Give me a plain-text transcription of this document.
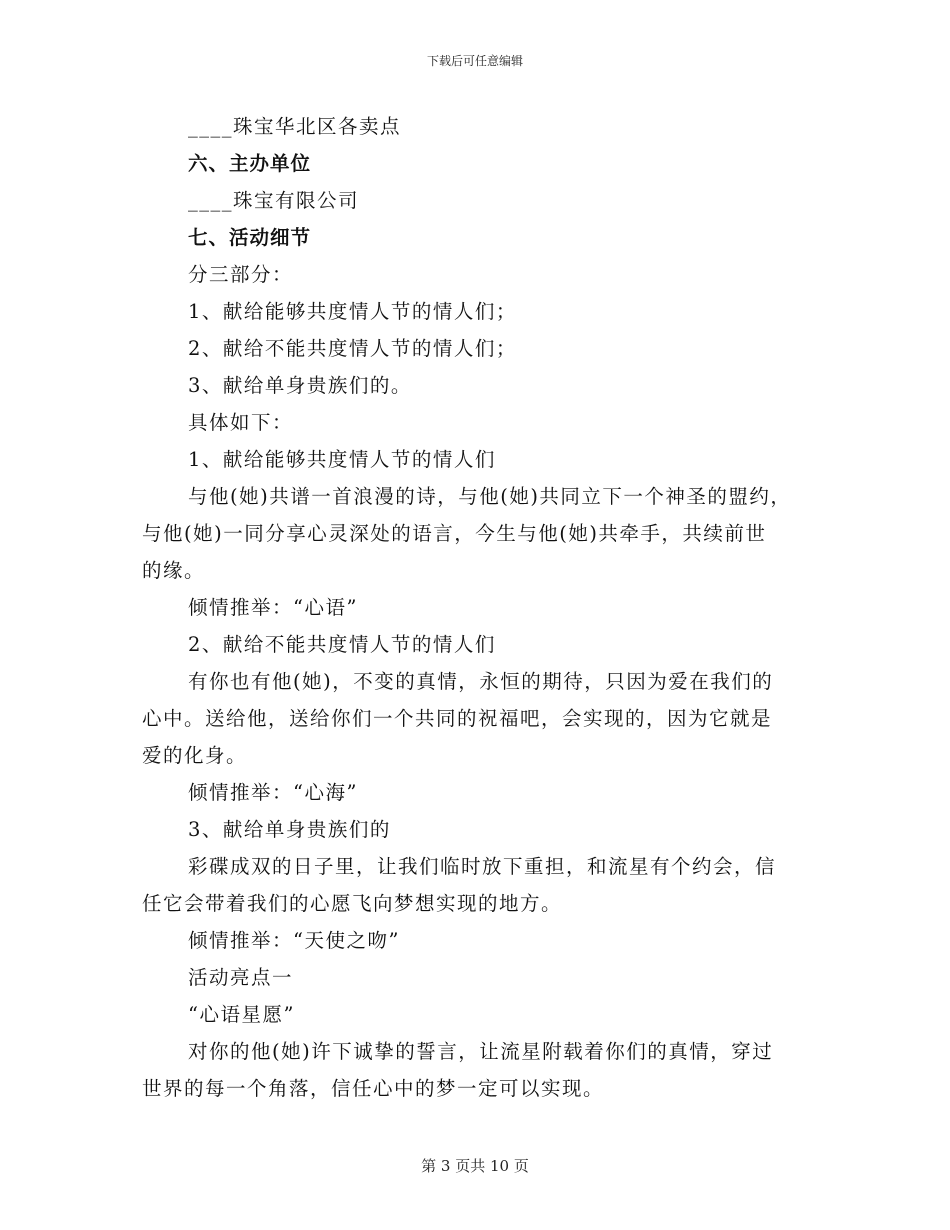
下载后可任意编辑
____珠宝华北区各卖点
六、主办单位
____珠宝有限公司
七、活动细节
分三部分：
1、献给能够共度情人节的情人们；
2、献给不能共度情人节的情人们；
3、献给单身贵族们的。
具体如下：
1、献给能够共度情人节的情人们
与他(她)共谱一首浪漫的诗，与他(她)共同立下一个神圣的盟约，
与他(她)一同分享心灵深处的语言，今生与他(她)共牵手，共续前世
的缘。
倾情推举：“心语”
2、献给不能共度情人节的情人们
有你也有他(她)，不变的真情，永恒的期待，只因为爱在我们的
心中。送给他，送给你们一个共同的祝福吧，会实现的，因为它就是
爱的化身。
倾情推举：“心海”
3、献给单身贵族们的
彩碟成双的日子里，让我们临时放下重担，和流星有个约会，信
任它会带着我们的心愿飞向梦想实现的地方。
倾情推举：“天使之吻”
活动亮点一
“心语星愿”
对你的他(她)许下诚挚的誓言，让流星附载着你们的真情，穿过
世界的每一个角落，信任心中的梦一定可以实现。
第 3 页共 10 页
